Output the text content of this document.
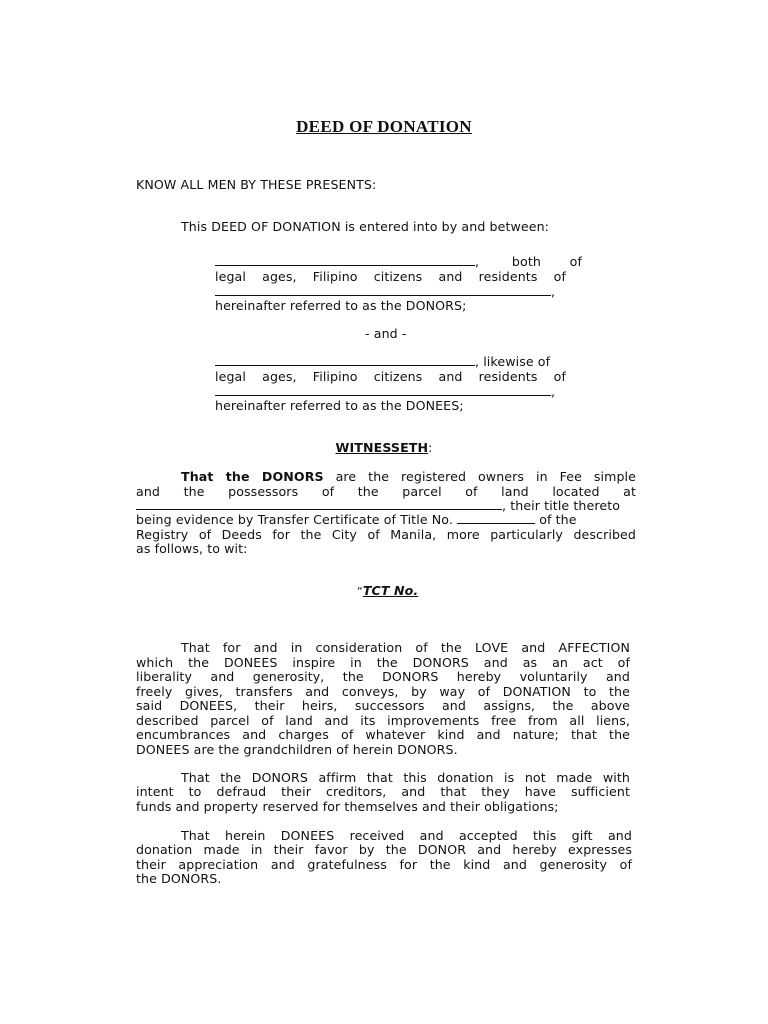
DEED OF DONATION
KNOW ALL MEN BY THESE PRESENTS:
This DEED OF DONATION is entered into by and between:
,        both       of
legal ages, Filipino citizens and residents of
,
hereinafter referred to as the DONORS;
- and -
, likewise of
legal ages, Filipino citizens and residents of
,
hereinafter referred to as the DONEES;
WITNESSETH:
That the DONORS are the registered owners in Fee simple
and   the   possessors   of   the   parcel   of   land   located   at
, their title thereto
being evidence by Transfer Certificate of Title No.	of the
Registry of Deeds for the City of Manila, more particularly described
as follows, to wit:
“TCT No.
That for and in consideration of the LOVE and AFFECTION
which the DONEES inspire in the DONORS and as an act of
liberality and generosity, the DONORS hereby voluntarily and
freely gives, transfers and conveys, by way of DONATION to the
said DONEES, their heirs, successors and assigns, the above
described parcel of land and its improvements free from all liens,
encumbrances and charges of whatever kind and nature; that the
DONEES are the grandchildren of herein DONORS.
That the DONORS affirm that this donation is not made with
intent to defraud their creditors, and that they have sufficient
funds and property reserved for themselves and their obligations;
That herein DONEES received and accepted this gift and
donation made in their favor by the DONOR and hereby expresses
their appreciation and gratefulness for the kind and generosity of
the DONORS.
